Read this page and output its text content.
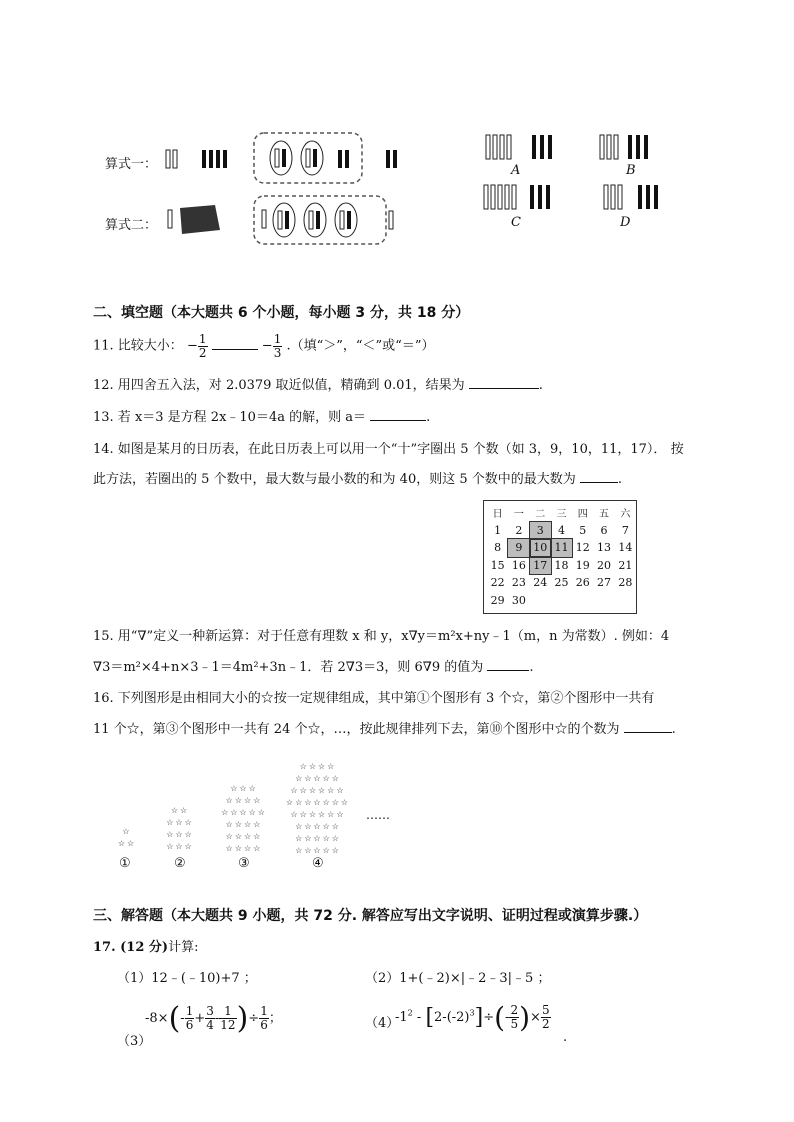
算式一：
算式二：
A	B
C	D
二、填空题（本大题共 6 个小题，每小题 3 分，共 18 分）
11. 比较大小： − $\frac{1}{2}$	− $\frac{1}{3}$ .（填“＞”，“＜”或“＝”）
12. 用四舍五入法，对 2.0379 取近似值，精确到 0.01，结果为	.
13. 若 x＝3 是方程 2x﹣10＝4a 的解，则 a＝	.
14. 如图是某月的日历表，在此日历表上可以用一个“十”字圈出 5 个数（如 3，9，10，11，17）． 按
此方法，若圈出的 5 个数中，最大数与最小数的和为 40，则这 5 个数中的最大数为	.
日	一	二	三	四	五	六
1	2	3	4	5	6	7
8	9	10	11	12	13	14
15	16	17	18	19	20	21
22	23	24	25	26	27	28
29	30					
15. 用“∇”定义一种新运算：对于任意有理数 x 和 y，x∇y＝m²x+ny﹣1（m，n 为常数）. 例如：4
∇3＝m²×4+n×3﹣1＝4m²+3n﹣1．若 2∇3＝3，则 6∇9 的值为	.
16. 下列图形是由相同大小的☆按一定规律组成，其中第①个图形有 3 个☆，第②个图形中一共有
11 个☆，第③个图形中一共有 24 个☆，…，按此规律排列下去，第⑩个图形中☆的个数为	.
☆
☆☆
☆☆
☆☆☆
☆☆☆
☆☆☆
☆☆☆
☆☆☆☆
☆☆☆☆☆
☆☆☆☆
☆☆☆☆
☆☆☆☆
☆☆☆☆
☆☆☆☆☆
☆☆☆☆☆☆
☆☆☆☆☆☆☆
☆☆☆☆☆☆
☆☆☆☆☆
☆☆☆☆☆
☆☆☆☆☆
……
①	②	③	④
三、解答题（本大题共 9 小题，共 72 分. 解答应写出文字说明、证明过程或演算步骤.）
17. (12 分)计算:
（1）12﹣(﹣10)+7 ；	（2）1+(﹣2)×|﹣2﹣3|﹣5 ；
（3）
$-8\times(- \frac{1}{6} + \frac{3}{4} - \frac{1}{12}$ )÷ $\frac{1}{6}$ ；	（4）
$-1^2 - [2-(-2)^3]\div(- \frac{2}{5}$ )× $\frac{5}{2}$
.
